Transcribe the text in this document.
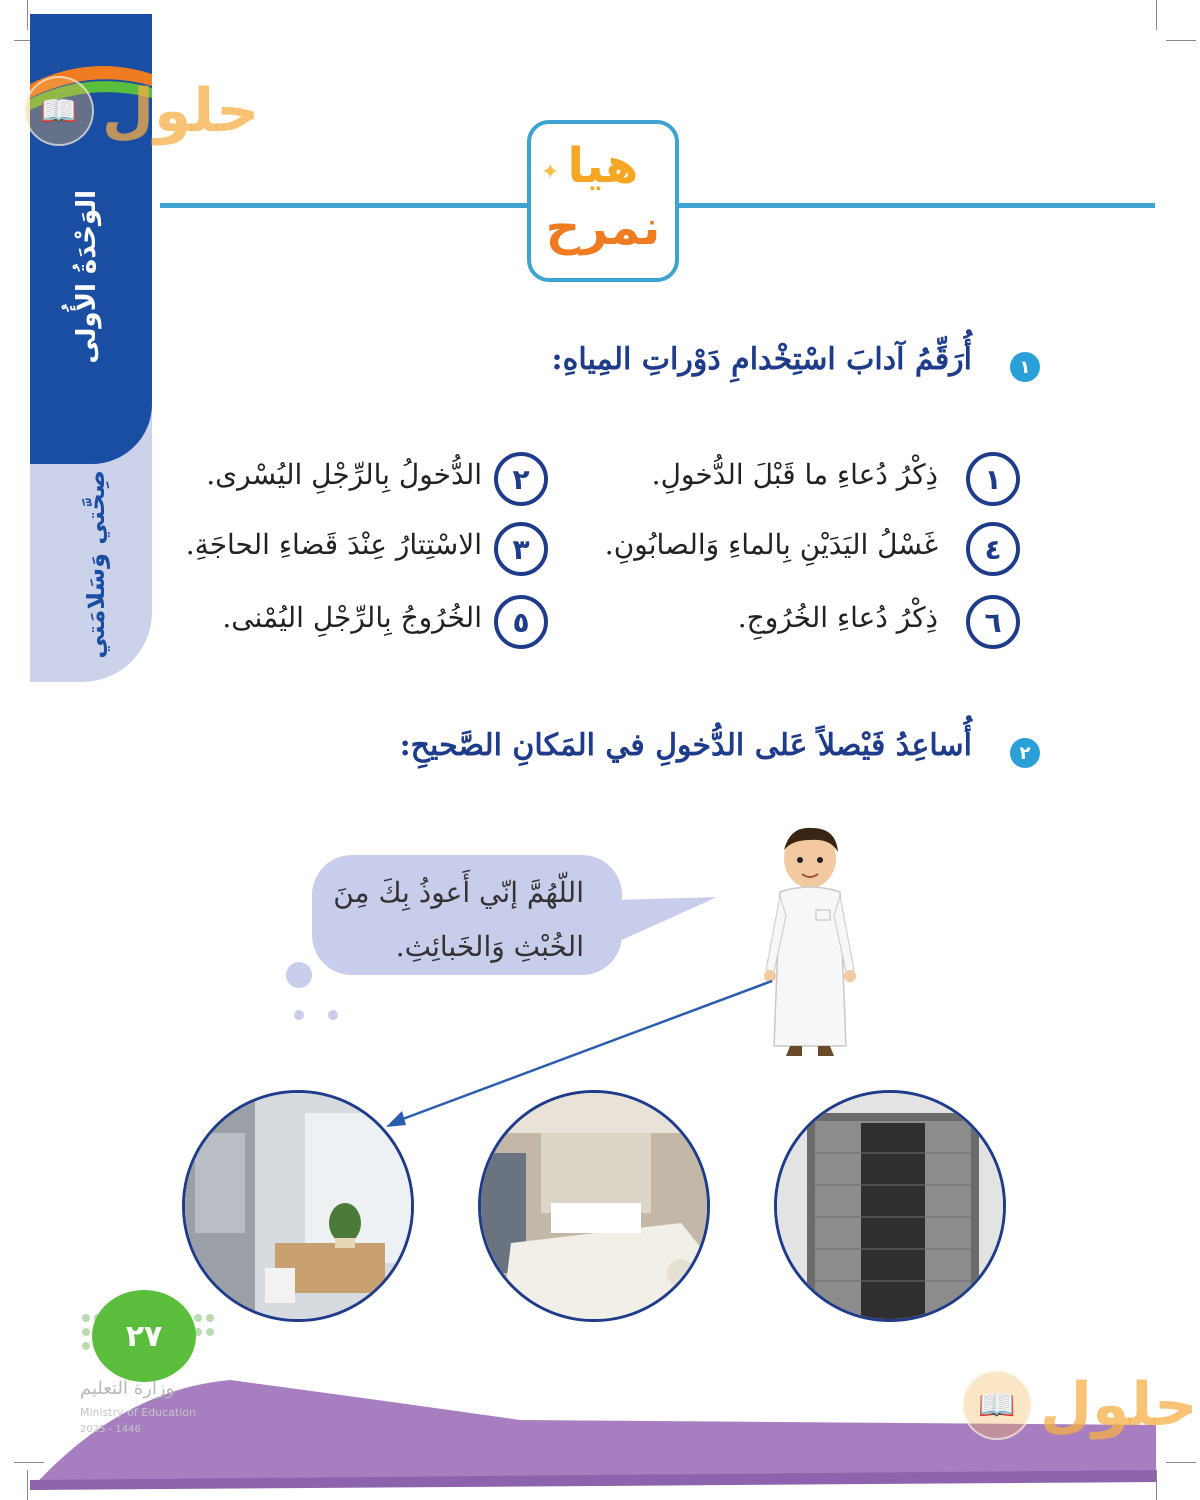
الوَحْدَةُ الأُولى
صِحَّتي وَسَلامَتي
📖 حلول
✦ هيا
نمرح
١
أُرَقِّمُ آدابَ اسْتِخْدامِ دَوْراتِ المِياهِ:
١
ذِكْرُ دُعاءِ ما قَبْلَ الدُّخولِ.
٤
غَسْلُ اليَدَيْنِ بِالماءِ وَالصابُونِ.
٦
ذِكْرُ دُعاءِ الخُرُوجِ.
٢
الدُّخولُ بِالرِّجْلِ اليُسْرى.
٣
الاسْتِتارُ عِنْدَ قَضاءِ الحاجَةِ.
٥
الخُرُوجُ بِالرِّجْلِ اليُمْنى.
٢
أُساعِدُ فَيْصلاً عَلى الدُّخولِ في المَكانِ الصَّحيحِ:
اللّهُمَّ إنّي أَعوذُ بِكَ مِنَ
الخُبْثِ وَالخَبائِثِ.
٢٧
وزارة التعليم
Ministry of Education
2025 - 1446
📖 حلول
